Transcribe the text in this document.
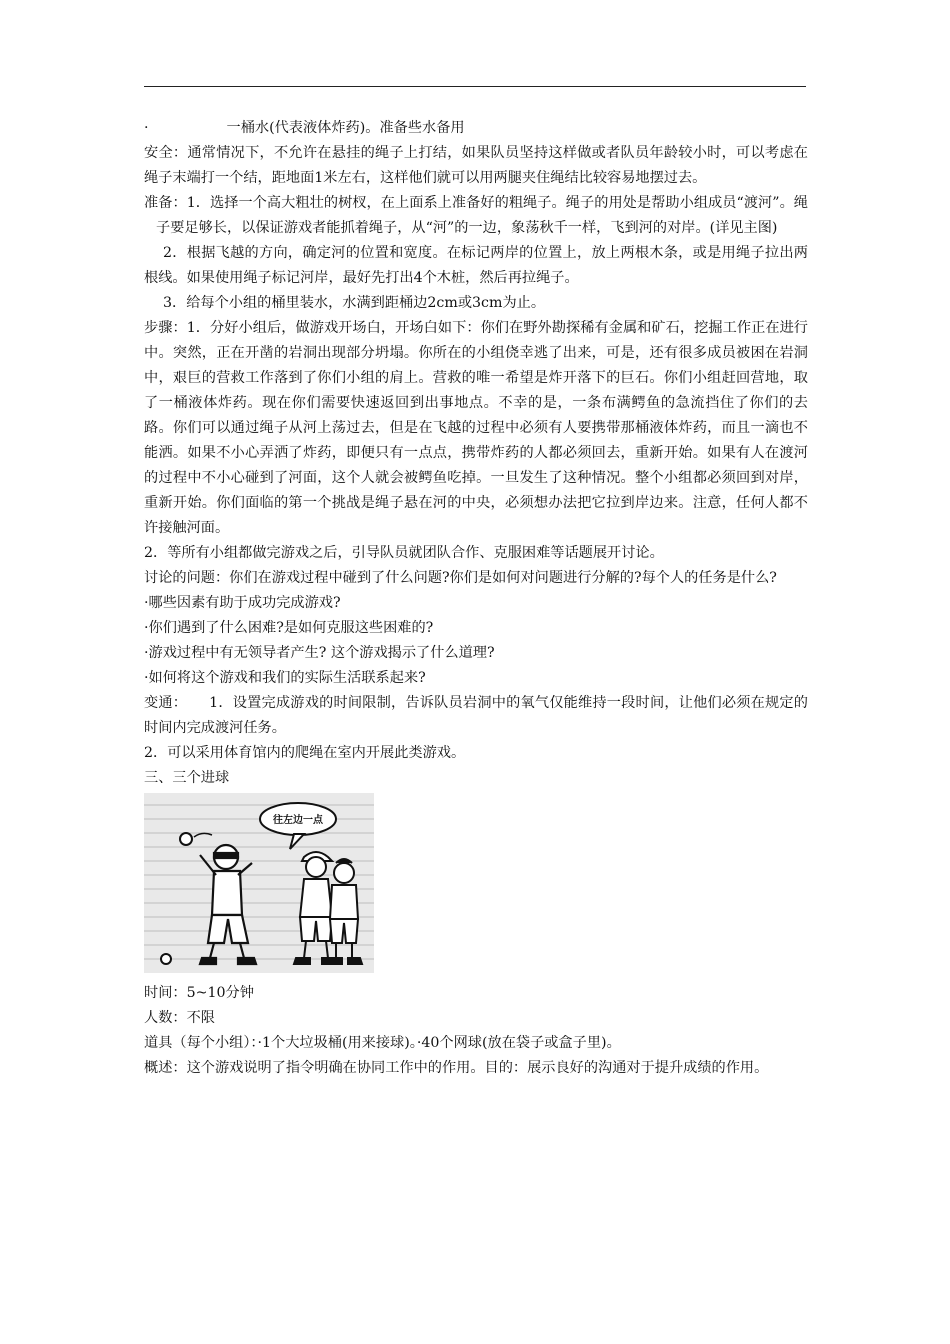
·	一桶水(代表液体炸药)。准备些水备用

安全：通常情况下，不允许在悬挂的绳子上打结，如果队员坚持这样做或者队员年龄较小时，可以考虑在绳子末端打一个结，距地面1米左右，这样他们就可以用两腿夹住绳结比较容易地摆过去。

准备：1．选择一个高大粗壮的树杈，在上面系上准备好的粗绳子。绳子的用处是帮助小组成员“渡河”。绳子要足够长，以保证游戏者能抓着绳子，从“河”的一边，象荡秋千一样，飞到河的对岸。(详见主图)

2．根据飞越的方向，确定河的位置和宽度。在标记两岸的位置上，放上两根木条，或是用绳子拉出两根线。如果使用绳子标记河岸，最好先打出4个木桩，然后再拉绳子。

3．给每个小组的桶里装水，水满到距桶边2cm或3cm为止。

步骤：1．分好小组后，做游戏开场白，开场白如下：你们在野外勘探稀有金属和矿石，挖掘工作正在进行中。突然，正在开凿的岩洞出现部分坍塌。你所在的小组侥幸逃了出来，可是，还有很多成员被困在岩洞中，艰巨的营救工作落到了你们小组的肩上。营救的唯一希望是炸开落下的巨石。你们小组赶回营地，取了一桶液体炸药。现在你们需要快速返回到出事地点。不幸的是，一条布满鳄鱼的急流挡住了你们的去路。你们可以通过绳子从河上荡过去，但是在飞越的过程中必须有人要携带那桶液体炸药，而且一滴也不能洒。如果不小心弄洒了炸药，即便只有一点点，携带炸药的人都必须回去，重新开始。如果有人在渡河的过程中不小心碰到了河面，这个人就会被鳄鱼吃掉。一旦发生了这种情况。整个小组都必须回到对岸，重新开始。你们面临的第一个挑战是绳子悬在河的中央，必须想办法把它拉到岸边来。注意，任何人都不许接触河面。

2．等所有小组都做完游戏之后，引导队员就团队合作、克服困难等话题展开讨论。

讨论的问题：你们在游戏过程中碰到了什么问题?你们是如何对问题进行分解的?每个人的任务是什么?

·哪些因素有助于成功完成游戏?

·你们遇到了什么困难?是如何克服这些困难的?

·游戏过程中有无领导者产生? 这个游戏揭示了什么道理?

·如何将这个游戏和我们的实际生活联系起来?

变通： 1．设置完成游戏的时间限制，告诉队员岩洞中的氧气仅能维持一段时间，让他们必须在规定的时间内完成渡河任务。

2．可以采用体育馆内的爬绳在室内开展此类游戏。

三、三个进球

往左边一点

时间：5~10分钟

人数：不限

道具（每个小组）：·1个大垃圾桶(用来接球)。·40个网球(放在袋子或盒子里)。

概述：这个游戏说明了指令明确在协同工作中的作用。目的：展示良好的沟通对于提升成绩的作用。
